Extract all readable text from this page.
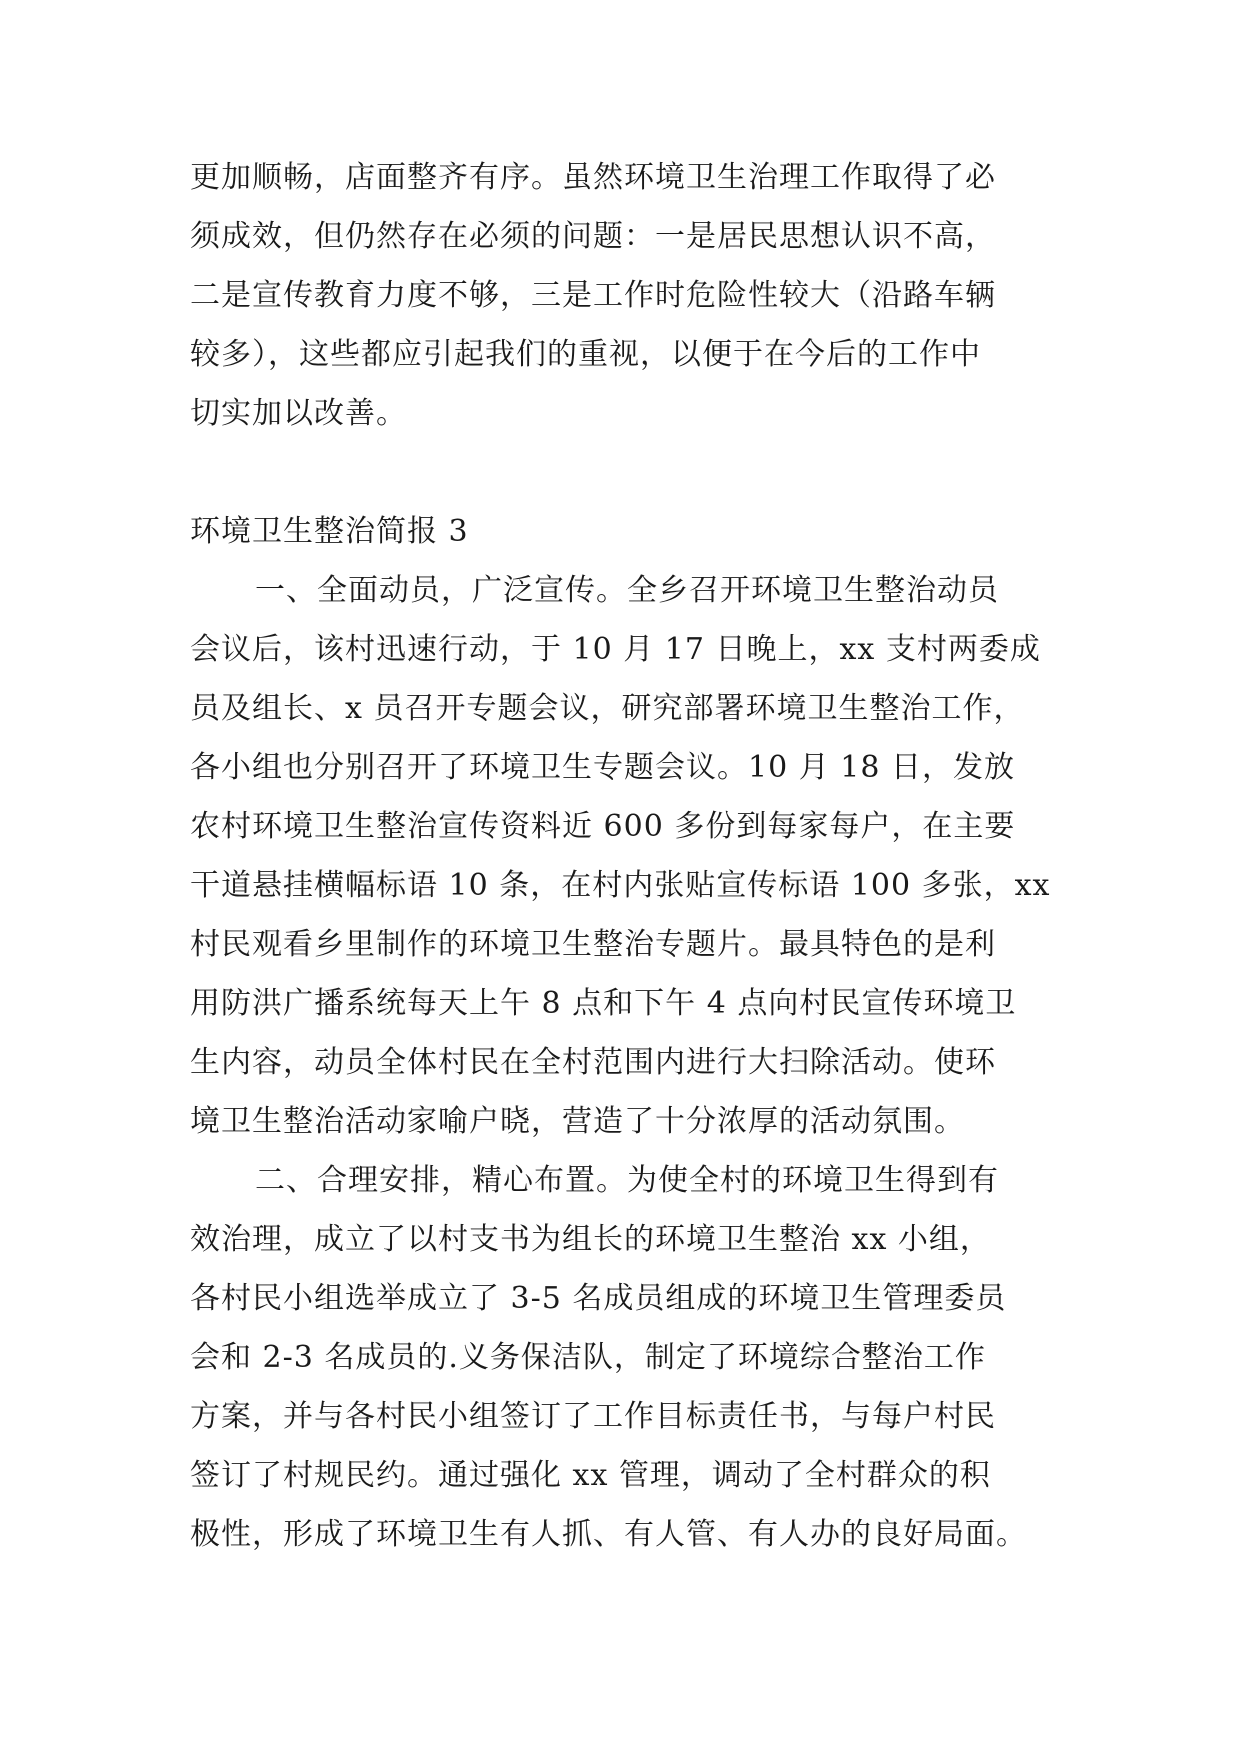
更加顺畅，店面整齐有序。虽然环境卫生治理工作取得了必
须成效，但仍然存在必须的问题：一是居民思想认识不高，
二是宣传教育力度不够，三是工作时危险性较大（沿路车辆
较多），这些都应引起我们的重视，以便于在今后的工作中
切实加以改善。
环境卫生整治简报 3
一、全面动员，广泛宣传。全乡召开环境卫生整治动员
会议后，该村迅速行动，于 10 月 17 日晚上，xx 支村两委成
员及组长、x 员召开专题会议，研究部署环境卫生整治工作，
各小组也分别召开了环境卫生专题会议。10 月 18 日，发放
农村环境卫生整治宣传资料近 600 多份到每家每户，在主要
干道悬挂横幅标语 10 条，在村内张贴宣传标语 100 多张，xx
村民观看乡里制作的环境卫生整治专题片。最具特色的是利
用防洪广播系统每天上午 8 点和下午 4 点向村民宣传环境卫
生内容，动员全体村民在全村范围内进行大扫除活动。使环
境卫生整治活动家喻户晓，营造了十分浓厚的活动氛围。
二、合理安排，精心布置。为使全村的环境卫生得到有
效治理，成立了以村支书为组长的环境卫生整治 xx 小组，
各村民小组选举成立了 3-5 名成员组成的环境卫生管理委员
会和 2-3 名成员的.义务保洁队，制定了环境综合整治工作
方案，并与各村民小组签订了工作目标责任书，与每户村民
签订了村规民约。通过强化 xx 管理，调动了全村群众的积
极性，形成了环境卫生有人抓、有人管、有人办的良好局面。
